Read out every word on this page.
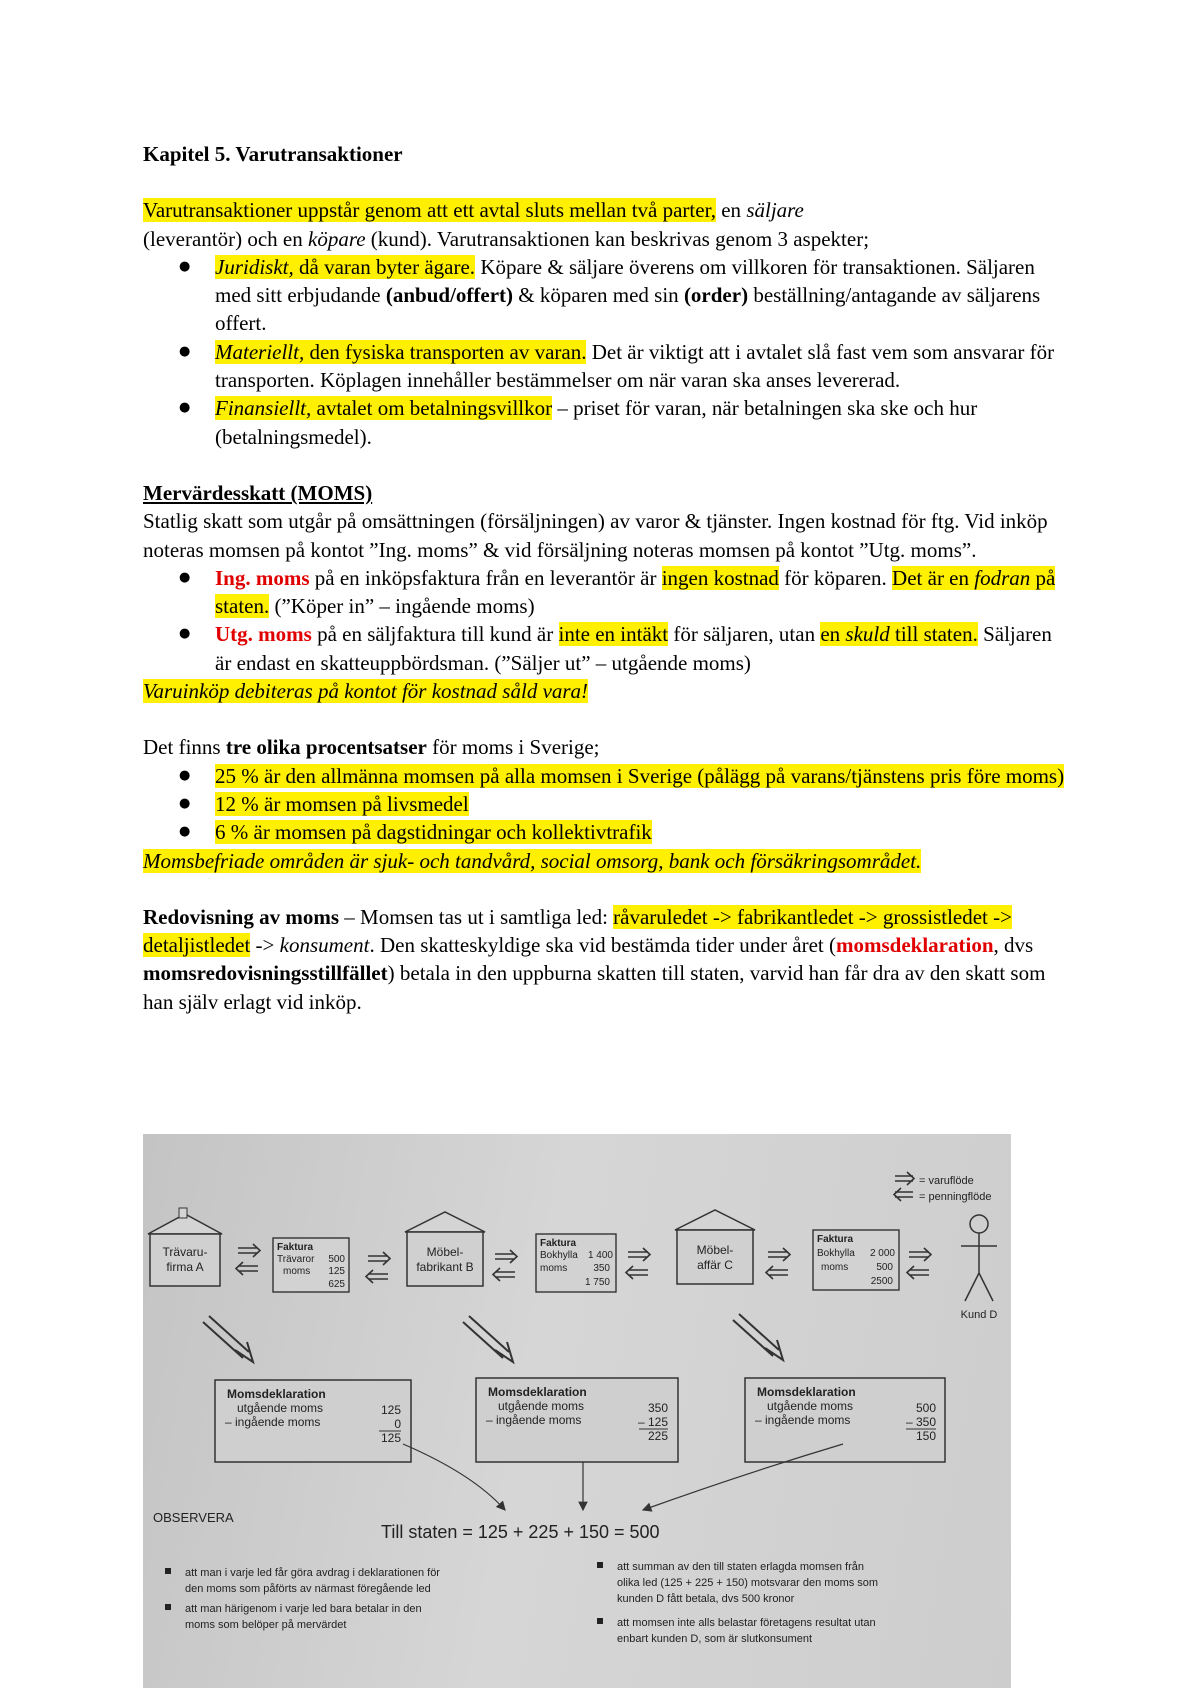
Kapitel 5. Varutransaktioner

Varutransaktioner uppstår genom att ett avtal sluts mellan två parter, en säljare
(leverantör) och en köpare (kund). Varutransaktionen kan beskrivas genom 3 aspekter;

● Juridiskt, då varan byter ägare. Köpare & säljare överens om villkoren för transaktionen. Säljaren med sitt erbjudande (anbud/offert) & köparen med sin (order) beställning/antagande av säljarens offert.
● Materiellt, den fysiska transporten av varan. Det är viktigt att i avtalet slå fast vem som ansvarar för transporten. Köplagen innehåller bestämmelser om när varan ska anses levererad.
● Finansiellt, avtalet om betalningsvillkor – priset för varan, när betalningen ska ske och hur (betalningsmedel).

Mervärdesskatt (MOMS)

Statlig skatt som utgår på omsättningen (försäljningen) av varor & tjänster. Ingen kostnad för ftg. Vid inköp noteras momsen på kontot ”Ing. moms” & vid försäljning noteras momsen på kontot ”Utg. moms”.

● Ing. moms på en inköpsfaktura från en leverantör är ingen kostnad för köparen. Det är en fodran på staten. (”Köper in” – ingående moms)
● Utg. moms på en säljfaktura till kund är inte en intäkt för säljaren, utan en skuld till staten. Säljaren är endast en skatteuppbördsman. (”Säljer ut” – utgående moms)

Varuinköp debiteras på kontot för kostnad såld vara!

Det finns tre olika procentsatser för moms i Sverige;

● 25 % är den allmänna momsen på alla momsen i Sverige (pålägg på varans/tjänstens pris före moms)
● 12 % är momsen på livsmedel
● 6 % är momsen på dagstidningar och kollektivtrafik

Momsbefriade områden är sjuk- och tandvård, social omsorg, bank och försäkringsområdet.

Redovisning av moms – Momsen tas ut i samtliga led: råvaruledet -> fabrikantledet -> grossistledet -> detaljistledet -> konsument. Den skatteskyldige ska vid bestämda tider under året (momsdeklaration, dvs momsredovisningsstillfället) betala in den uppburna skatten till staten, varvid han får dra av den skatt som han själv erlagt vid inköp.

= varuflöde
= penningflöde
Trävaru-
firma A
Möbel-
fabrikant B
Möbel-
affär C
Faktura
Trävaror 500
moms 125
625
Faktura
Bokhylla 1 400
moms	350
1 750
Faktura
Bokhylla 2 000
moms	500
2500
Kund D
Momsdeklaration
utgående moms
– ingående moms
125
0
125
Momsdeklaration
utgående moms
– ingående moms
350
– 125
225
Momsdeklaration
utgående moms
– ingående moms
500
– 350
150
OBSERVERA
Till staten = 125 + 225 + 150 = 500
att man i varje led får göra avdrag i deklarationen för
den moms som påförts av närmast föregående led
att man härigenom i varje led bara betalar in den
moms som belöper på mervärdet
att summan av den till staten erlagda momsen från
olika led (125 + 225 + 150) motsvarar den moms som
kunden D fått betala, dvs 500 kronor
att momsen inte alls belastar företagens resultat utan
enbart kunden D, som är slutkonsument
